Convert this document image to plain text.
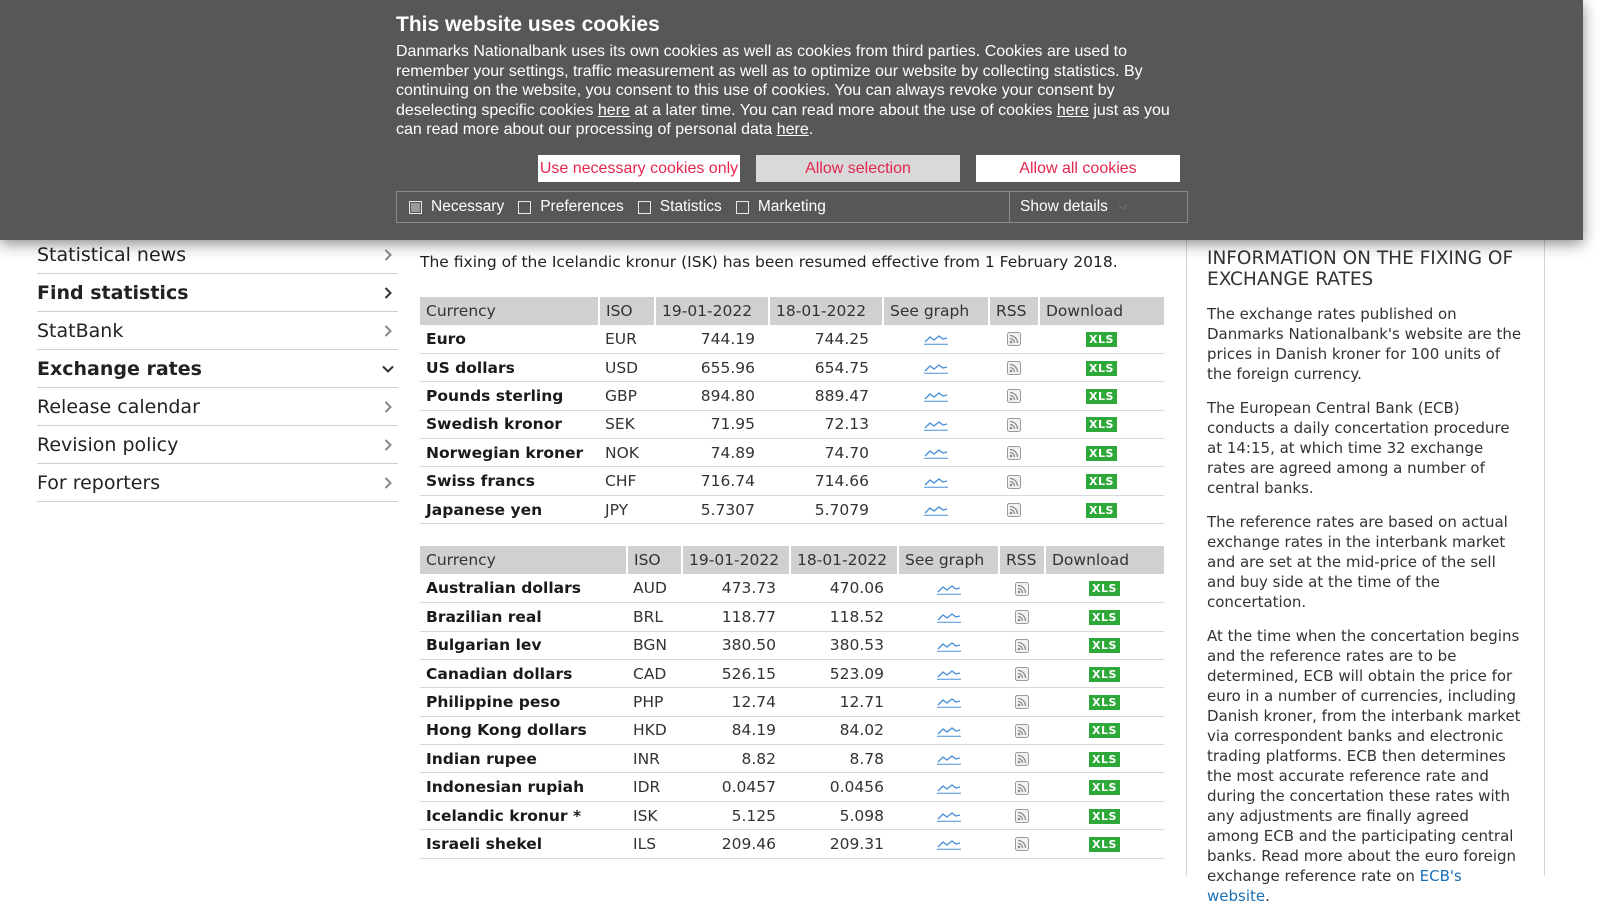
Statistical news
Find statistics
StatBank
Exchange rates
Release calendar
Revision policy
For reporters
The fixing of the Icelandic kronur (ISK) has been resumed effective from 1 February 2018.
Currency	ISO	19-01-2022	18-01-2022	See graph	RSS	Download
Euro	EUR	744.19	744.25			XLS
US dollars	USD	655.96	654.75			XLS
Pounds sterling	GBP	894.80	889.47			XLS
Swedish kronor	SEK	71.95	72.13			XLS
Norwegian kroner	NOK	74.89	74.70			XLS
Swiss francs	CHF	716.74	714.66			XLS
Japanese yen	JPY	5.7307	5.7079			XLS
Currency	ISO	19-01-2022	18-01-2022	See graph	RSS	Download
Australian dollars	AUD	473.73	470.06			XLS
Brazilian real	BRL	118.77	118.52			XLS
Bulgarian lev	BGN	380.50	380.53			XLS
Canadian dollars	CAD	526.15	523.09			XLS
Philippine peso	PHP	12.74	12.71			XLS
Hong Kong dollars	HKD	84.19	84.02			XLS
Indian rupee	INR	8.82	8.78			XLS
Indonesian rupiah	IDR	0.0457	0.0456			XLS
Icelandic kronur *	ISK	5.125	5.098			XLS
Israeli shekel	ILS	209.46	209.31			XLS
INFORMATION ON THE FIXING OF EXCHANGE RATES

The exchange rates published on Danmarks Nationalbank's website are the prices in Danish kroner for 100 units of the foreign currency.

The European Central Bank (ECB) conducts a daily concertation procedure at 14:15, at which time 32 exchange rates are agreed among a number of central banks.

The reference rates are based on actual exchange rates in the interbank market and are set at the mid-price of the sell and buy side at the time of the concertation.

At the time when the concertation begins and the reference rates are to be determined, ECB will obtain the price for euro in a number of currencies, including Danish kroner, from the interbank market via correspondent banks and electronic trading platforms. ECB then determines the most accurate reference rate and during the concertation these rates with any adjustments are finally agreed among ECB and the participating central banks. Read more about the euro foreign exchange reference rate on ECB's website.

This website uses cookies
Danmarks Nationalbank uses its own cookies as well as cookies from third parties. Cookies are used to remember your settings, traffic measurement as well as to optimize our website by collecting statistics. By continuing on the website, you consent to this use of cookies. You can always revoke your consent by deselecting specific cookies here at a later time. You can read more about the use of cookies here just as you can read more about our processing of personal data here.
Use necessary cookies only	Allow selection	Allow all cookies
Necessary Preferences Statistics Marketing	Show details
